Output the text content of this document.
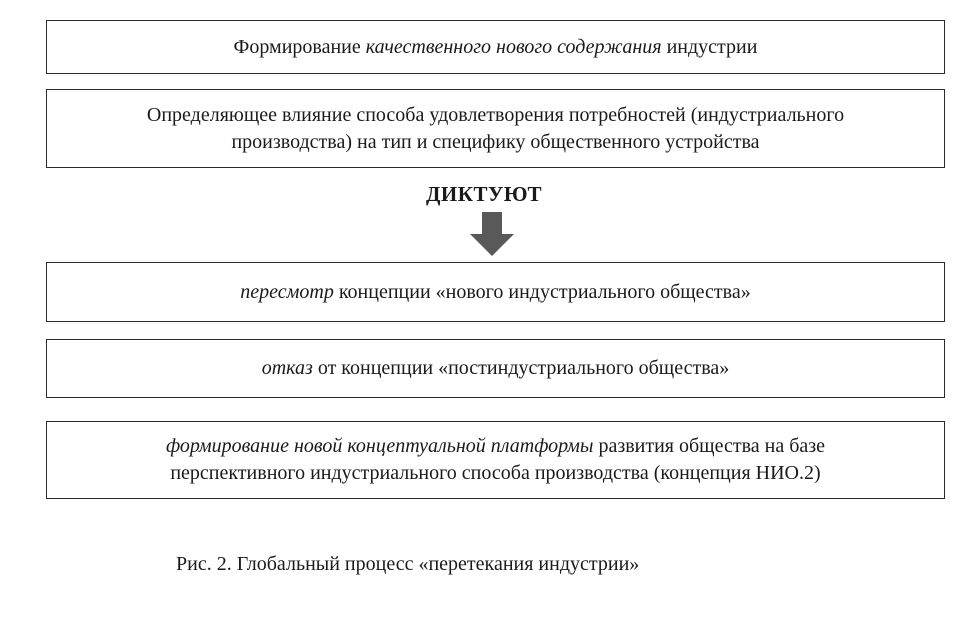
Формирование качественного нового содержания индустрии

Определяющее влияние способа удовлетворения потребностей (индустриального
производства) на тип и специфику общественного устройства

ДИКТУЮТ

пересмотр концепции «нового индустриального общества»

отказ от концепции «постиндустриального общества»

формирование новой концептуальной платформы развития общества на базе
перспективного индустриального способа производства (концепция НИО.2)

Рис. 2. Глобальный процесс «перетекания индустрии»
